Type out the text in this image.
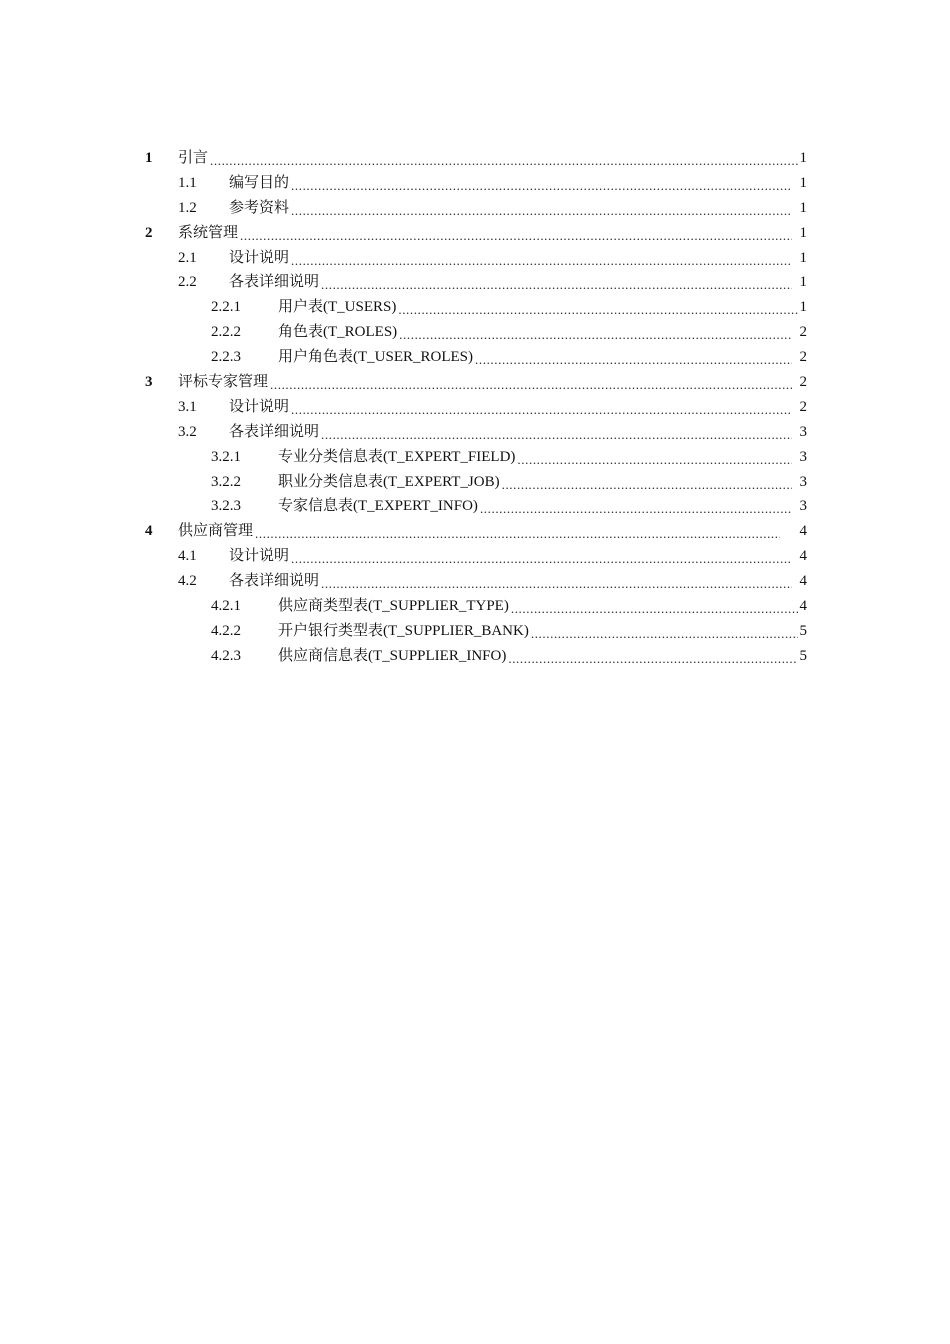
1	引言 .....	1
1.1	编写目的 .....	1
1.2	参考资料 .....	1
2	系统管理 .....	1
2.1	设计说明 .....	1
2.2	各表详细说明 .....	1
2.2.1	用户表(T_USERS) .....	1
2.2.2	角色表(T_ROLES) .....	2
2.2.3	用户角色表(T_USER_ROLES) .....	2
3	评标专家管理 .....	2
3.1	设计说明 .....	2
3.2	各表详细说明 .....	3
3.2.1	专业分类信息表(T_EXPERT_FIELD) .....	3
3.2.2	职业分类信息表(T_EXPERT_JOB) .....	3
3.2.3	专家信息表(T_EXPERT_INFO) .....	3
4	供应商管理 .....	4
4.1	设计说明 .....	4
4.2	各表详细说明 .....	4
4.2.1	供应商类型表(T_SUPPLIER_TYPE) .....	4
4.2.2	开户银行类型表(T_SUPPLIER_BANK) .....	5
4.2.3	供应商信息表(T_SUPPLIER_INFO) .....	5
